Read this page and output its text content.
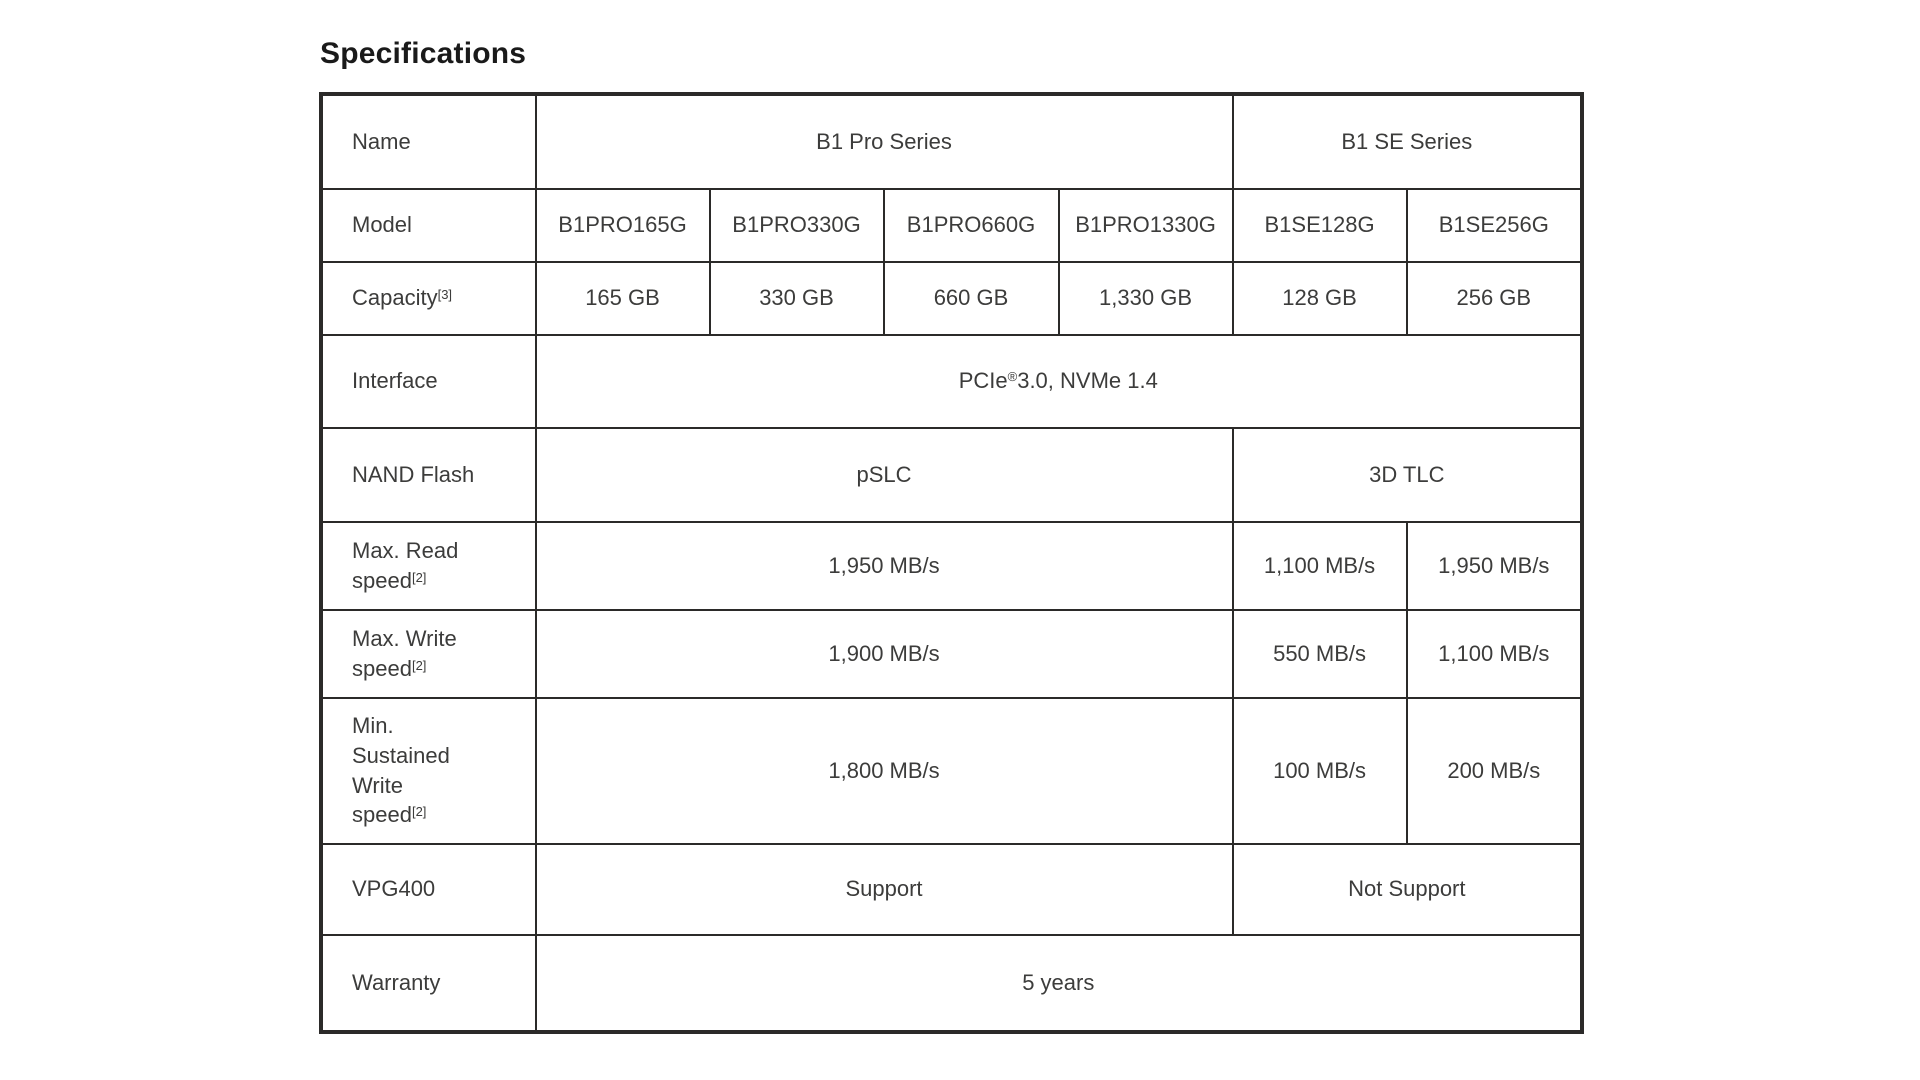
Specifications
Name	B1 Pro Series				B1 SE Series	
Model	B1PRO165G	B1PRO330G	B1PRO660G	B1PRO1330G	B1SE128G	B1SE256G
Capacity[3]	165 GB	330 GB	660 GB	1,330 GB	128 GB	256 GB
Interface	PCIe®3.0, NVMe 1.4					
NAND Flash	pSLC				3D TLC	
Max. Read speed[2]	1,950 MB/s				1,100 MB/s	1,950 MB/s
Max. Write speed[2]	1,900 MB/s				550 MB/s	1,100 MB/s
Min. Sustained Write speed[2]	1,800 MB/s				100 MB/s	200 MB/s
VPG400	Support				Not Support	
Warranty	5 years					
